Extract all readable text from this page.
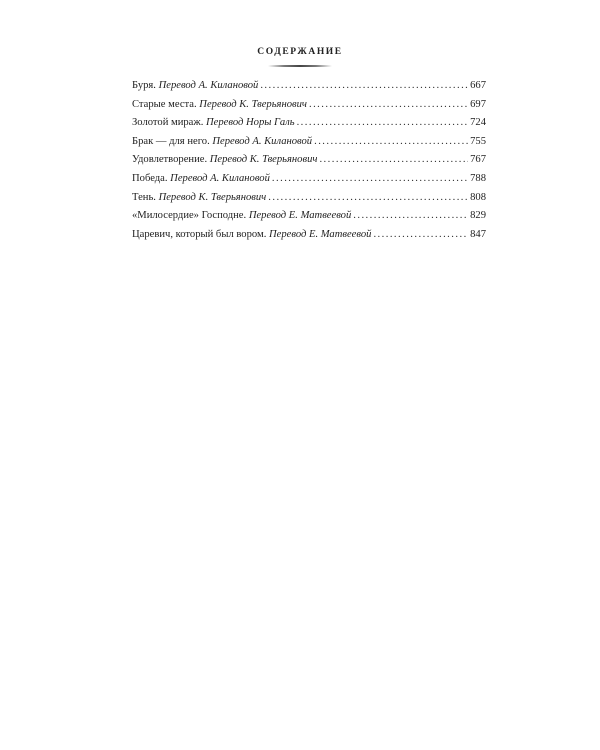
СОДЕРЖАНИЕ
Буря. Перевод А. Килановой . . .	667
Старые места. Перевод К. Тверьянович . . .	697
Золотой мираж. Перевод Норы Галь . . .	724
Брак — для него. Перевод А. Килановой . . .	755
Удовлетворение. Перевод К. Тверьянович . . .	767
Победа. Перевод А. Килановой . . .	788
Тень. Перевод К. Тверьянович . . .	808
«Милосердие» Господне. Перевод Е. Матвеевой . . .	829
Царевич, который был вором. Перевод Е. Матвеевой . . .	847
